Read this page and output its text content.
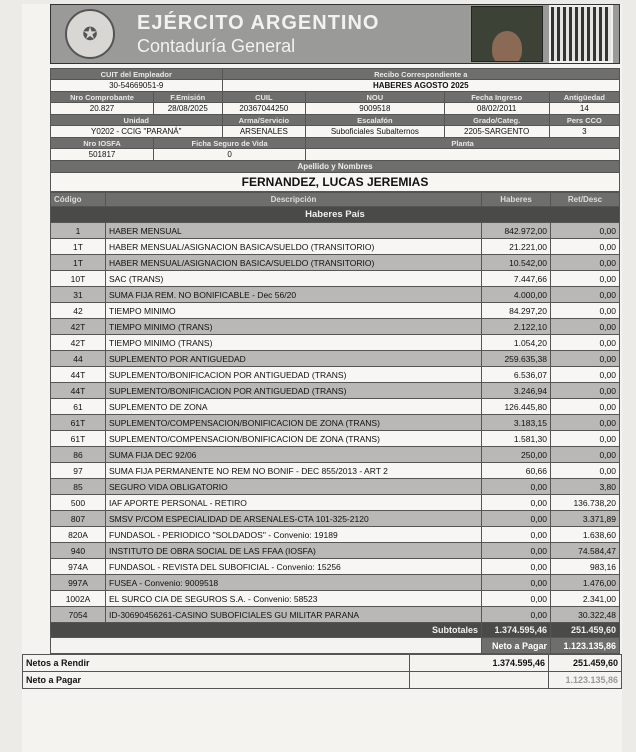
✪	EJÉRCITO ARGENTINO
Contaduría General
CUIT del Empleador		Recibo Correspondiente a			
30-54669051-9		HABERES AGOSTO 2025			
Nro Comprobante	F.Emisión	CUIL	NOU	Fecha Ingreso	Antigüedad
20.827	28/08/2025	20367044250	9009518	08/02/2011	14
Unidad		Arma/Servicio	Escalafón	Grado/Categ.	Pers CCO
Y0202 - CCIG "PARANÁ"		ARSENALES	Suboficiales Subalternos	2205-SARGENTO	3
Nro IOSFA	Ficha Seguro de Vida		Planta		
501817	0				
Apellido y Nombres					
FERNANDEZ, LUCAS JEREMIAS					
Código	Descripción	Haberes	Ret/Desc
Haberes País			
1	HABER MENSUAL	842.972,00	0,00
1T	HABER MENSUAL/ASIGNACION BASICA/SUELDO (TRANSITORIO)	21.221,00	0,00
1T	HABER MENSUAL/ASIGNACION BASICA/SUELDO (TRANSITORIO)	10.542,00	0,00
10T	SAC (TRANS)	7.447,66	0,00
31	SUMA FIJA REM. NO BONIFICABLE - Dec 56/20	4.000,00	0,00
42	TIEMPO MINIMO	84.297,20	0,00
42T	TIEMPO MINIMO (TRANS)	2.122,10	0,00
42T	TIEMPO MINIMO (TRANS)	1.054,20	0,00
44	SUPLEMENTO POR ANTIGUEDAD	259.635,38	0,00
44T	SUPLEMENTO/BONIFICACION POR ANTIGUEDAD (TRANS)	6.536,07	0,00
44T	SUPLEMENTO/BONIFICACION POR ANTIGUEDAD (TRANS)	3.246,94	0,00
61	SUPLEMENTO DE ZONA	126.445,80	0,00
61T	SUPLEMENTO/COMPENSACION/BONIFICACION DE ZONA (TRANS)	3.183,15	0,00
61T	SUPLEMENTO/COMPENSACION/BONIFICACION DE ZONA (TRANS)	1.581,30	0,00
86	SUMA FIJA DEC 92/06	250,00	0,00
97	SUMA FIJA PERMANENTE NO REM NO BONIF - DEC 855/2013 - ART 2	60,66	0,00
85	SEGURO VIDA OBLIGATORIO	0,00	3,80
500	IAF APORTE PERSONAL - RETIRO	0,00	136.738,20
807	SMSV P/COM ESPECIALIDAD DE ARSENALES-CTA 101-325-2120	0,00	3.371,89
820A	FUNDASOL - PERIODICO "SOLDADOS" - Convenio: 19189	0,00	1.638,60
940	INSTITUTO DE OBRA SOCIAL DE LAS FFAA (IOSFA)	0,00	74.584,47
974A	FUNDASOL - REVISTA DEL SUBOFICIAL - Convenio: 15256	0,00	983,16
997A	FUSEA - Convenio: 9009518	0,00	1.476,00
1002A	EL SURCO CIA DE SEGUROS S.A. - Convenio: 58523	0,00	2.341,00
7054	ID-30690456261-CASINO SUBOFICIALES GU MILITAR PARANA	0,00	30.322,48
Subtotales		1.374.595,46	251.459,60
		Neto a Pagar	1.123.135,86
Netos a Rendir	1.374.595,46	251.459,60
Neto a Pagar		1.123.135,86
